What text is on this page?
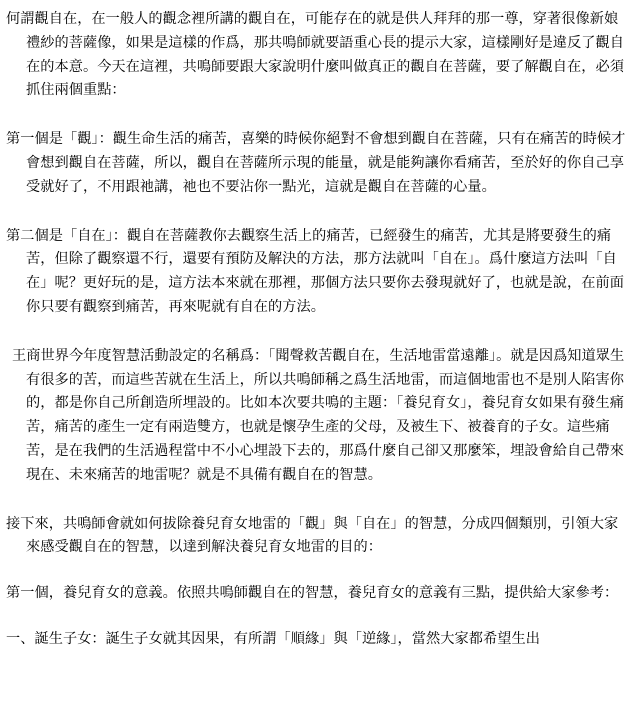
何謂觀自在，在一般人的觀念裡所講的觀自在，可能存在的就是供人拜拜的那一尊，穿著很像新娘禮紗的菩薩像，如果是這樣的作爲，那共鳴師就要語重心長的提示大家，這樣剛好是違反了觀自在的本意。今天在這裡，共鳴師要跟大家說明什麼叫做真正的觀自在菩薩，要了解觀自在，必須抓住兩個重點：

第一個是「觀」：觀生命生活的痛苦，喜樂的時候你絕對不會想到觀自在菩薩，只有在痛苦的時候才會想到觀自在菩薩，所以，觀自在菩薩所示現的能量，就是能夠讓你看痛苦，至於好的你自己享受就好了，不用跟祂講，祂也不要沾你一點光，這就是觀自在菩薩的心量。

第二個是「自在」：觀自在菩薩教你去觀察生活上的痛苦，已經發生的痛苦，尤其是將要發生的痛苦，但除了觀察還不行，還要有預防及解決的方法，那方法就叫「自在」。爲什麼這方法叫「自在」呢？更好玩的是，這方法本來就在那裡，那個方法只要你去發現就好了，也就是說，在前面你只要有觀察到痛苦，再來呢就有自在的方法。

王商世界今年度智慧活動設定的名稱爲：「聞聲救苦觀自在，生活地雷當遠離」。就是因爲知道眾生有很多的苦，而這些苦就在生活上，所以共鳴師稱之爲生活地雷，而這個地雷也不是別人陷害你的，都是你自己所創造所埋設的。比如本次要共鳴的主題：「養兒育女」，養兒育女如果有發生痛苦，痛苦的產生一定有兩造雙方，也就是懷孕生產的父母，及被生下、被養育的子女。這些痛苦，是在我們的生活過程當中不小心埋設下去的，那爲什麼自己卻又那麼笨，埋設會給自己帶來現在、未來痛苦的地雷呢？就是不具備有觀自在的智慧。

接下來，共鳴師會就如何拔除養兒育女地雷的「觀」與「自在」的智慧，分成四個類別，引領大家來感受觀自在的智慧，以達到解決養兒育女地雷的目的：

第一個，養兒育女的意義。依照共鳴師觀自在的智慧，養兒育女的意義有三點，提供給大家參考：

一、誕生子女：誕生子女就其因果，有所謂「順緣」與「逆緣」，當然大家都希望生出
